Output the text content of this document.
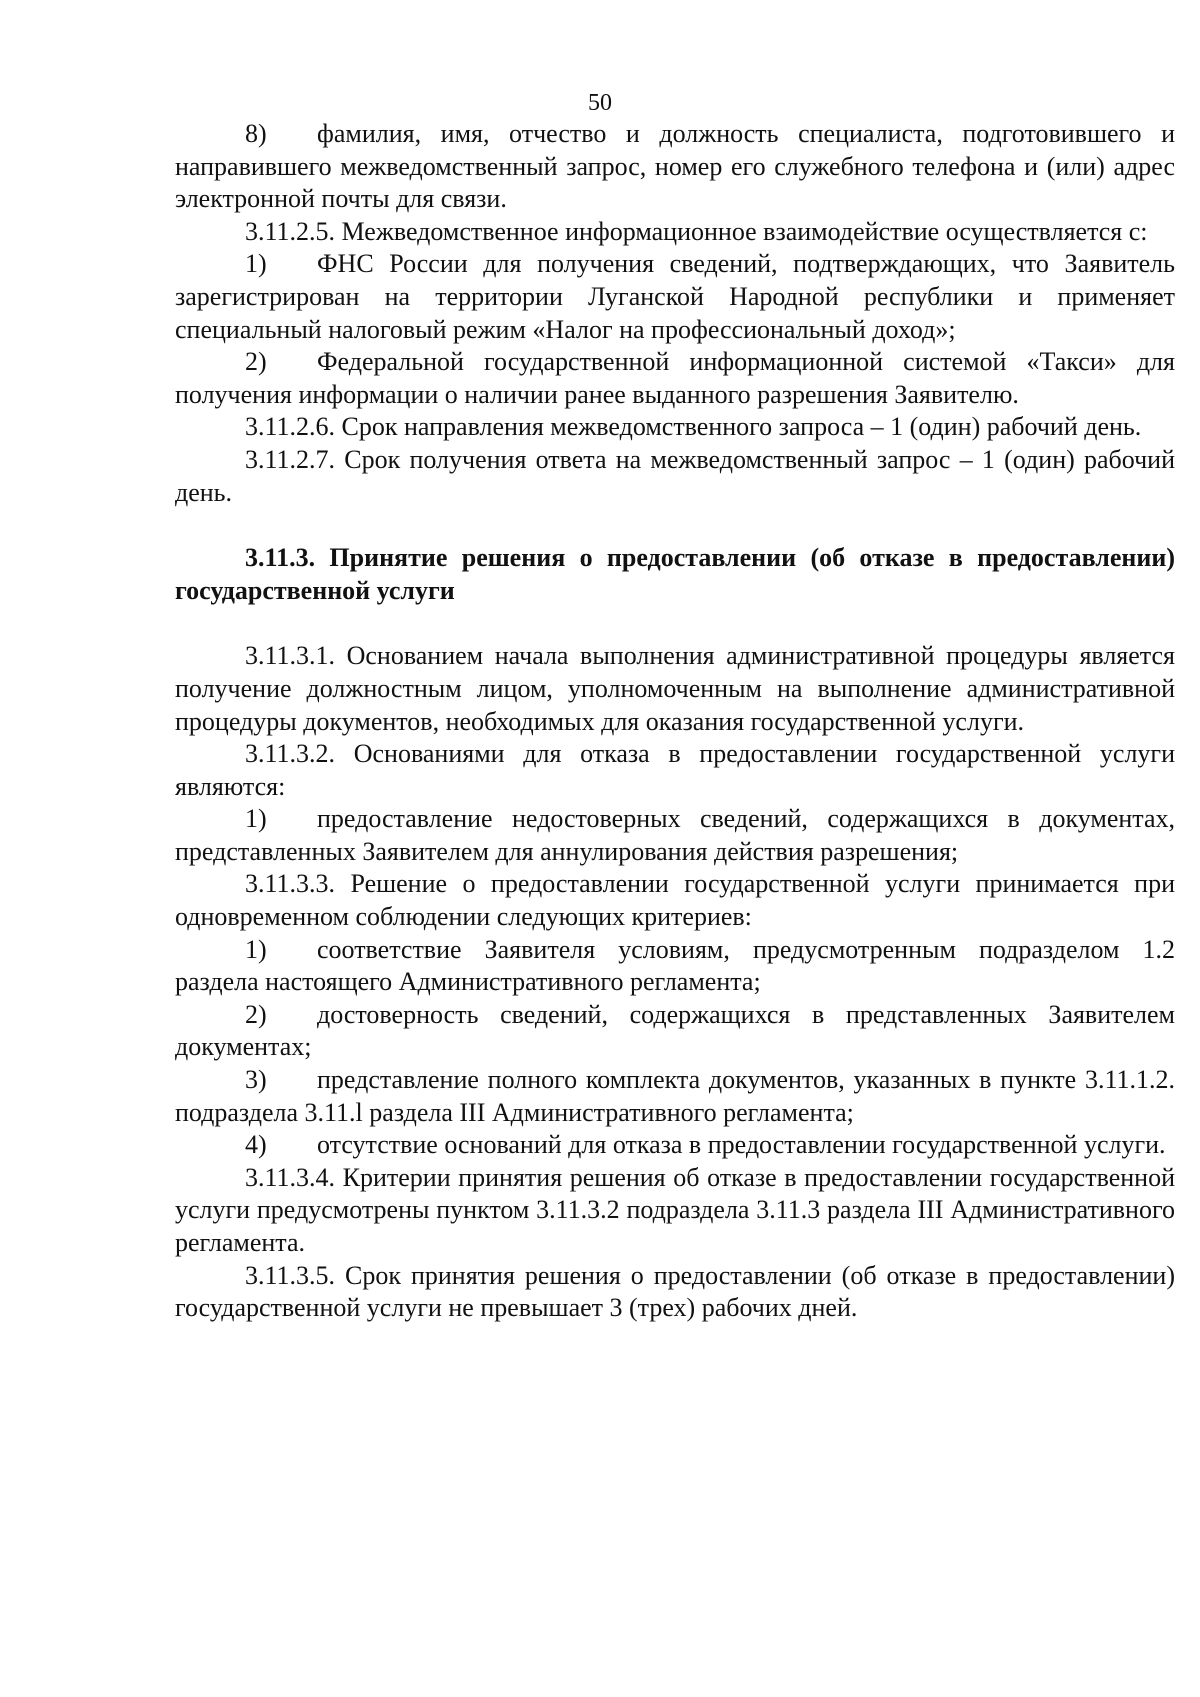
50

8) фамилия, имя, отчество и должность специалиста, подготовившего и направившего межведомственный запрос, номер его служебного телефона и (или) адрес электронной почты для связи.

3.11.2.5. Межведомственное информационное взаимодействие осуществляется с:

1) ФНС России для получения сведений, подтверждающих, что Заявитель зарегистрирован на территории Луганской Народной республики и применяет специальный налоговый режим «Налог на профессиональный доход»;

2) Федеральной государственной информационной системой «Такси» для получения информации о наличии ранее выданного разрешения Заявителю.

3.11.2.6. Срок направления межведомственного запроса – 1 (один) рабочий день.

3.11.2.7. Срок получения ответа на межведомственный запрос – 1 (один) рабочий день.

3.11.3. Принятие решения о предоставлении (об отказе в предоставлении) государственной услуги

3.11.3.1. Основанием начала выполнения административной процедуры является получение должностным лицом, уполномоченным на выполнение административной процедуры документов, необходимых для оказания государственной услуги.

3.11.3.2. Основаниями для отказа в предоставлении государственной услуги являются:

1) предоставление недостоверных сведений, содержащихся в документах, представленных Заявителем для аннулирования действия разрешения;

3.11.3.3. Решение о предоставлении государственной услуги принимается при одновременном соблюдении следующих критериев:

1) соответствие Заявителя условиям, предусмотренным подразделом 1.2 раздела настоящего Административного регламента;

2) достоверность сведений, содержащихся в представленных Заявителем документах;

3) представление полного комплекта документов, указанных в пункте 3.11.1.2. подраздела 3.11.l раздела III Административного регламента;

4) отсутствие оснований для отказа в предоставлении государственной услуги.

3.11.3.4. Критерии принятия решения об отказе в предоставлении государственной услуги предусмотрены пунктом 3.11.3.2 подраздела 3.11.3 раздела III Административного регламента.

3.11.3.5. Срок принятия решения о предоставлении (об отказе в предоставлении) государственной услуги не превышает 3 (трех) рабочих дней.
